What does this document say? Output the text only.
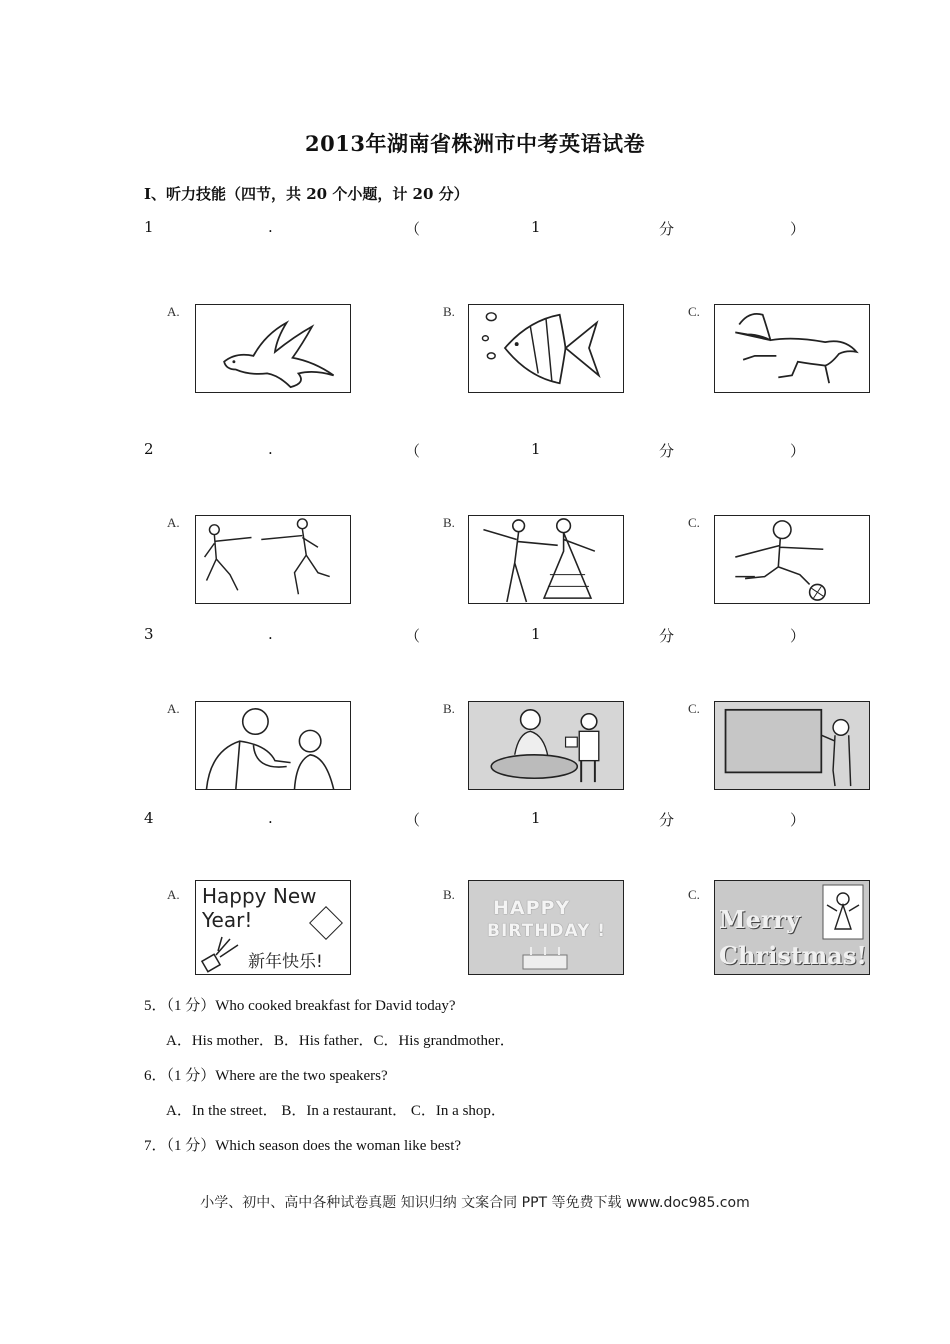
2013年湖南省株洲市中考英语试卷
I、听力技能（四节，共 20 个小题，计 20 分）
1	.	（	1	分	）
2	.	（	1	分	）
3	.	（	1	分	）
4	.	（	1	分	）
A.	B.	C.
A.	B.	C.
A.	B.	C.
A. Happy New
Year!
新年快乐!
B.
HAPPY
BIRTHDAY !
C.
Merry
Christmas!
5．（1 分）Who cooked breakfast for David today?
A．His mother．B．His father．C．His grandmother．
6．（1 分）Where are the two speakers?
A．In the street． B．In a restaurant． C．In a shop．
7．（1 分）Which season does the woman like best?
小学、初中、高中各种试卷真题 知识归纳 文案合同 PPT 等免费下载 www.doc985.com
